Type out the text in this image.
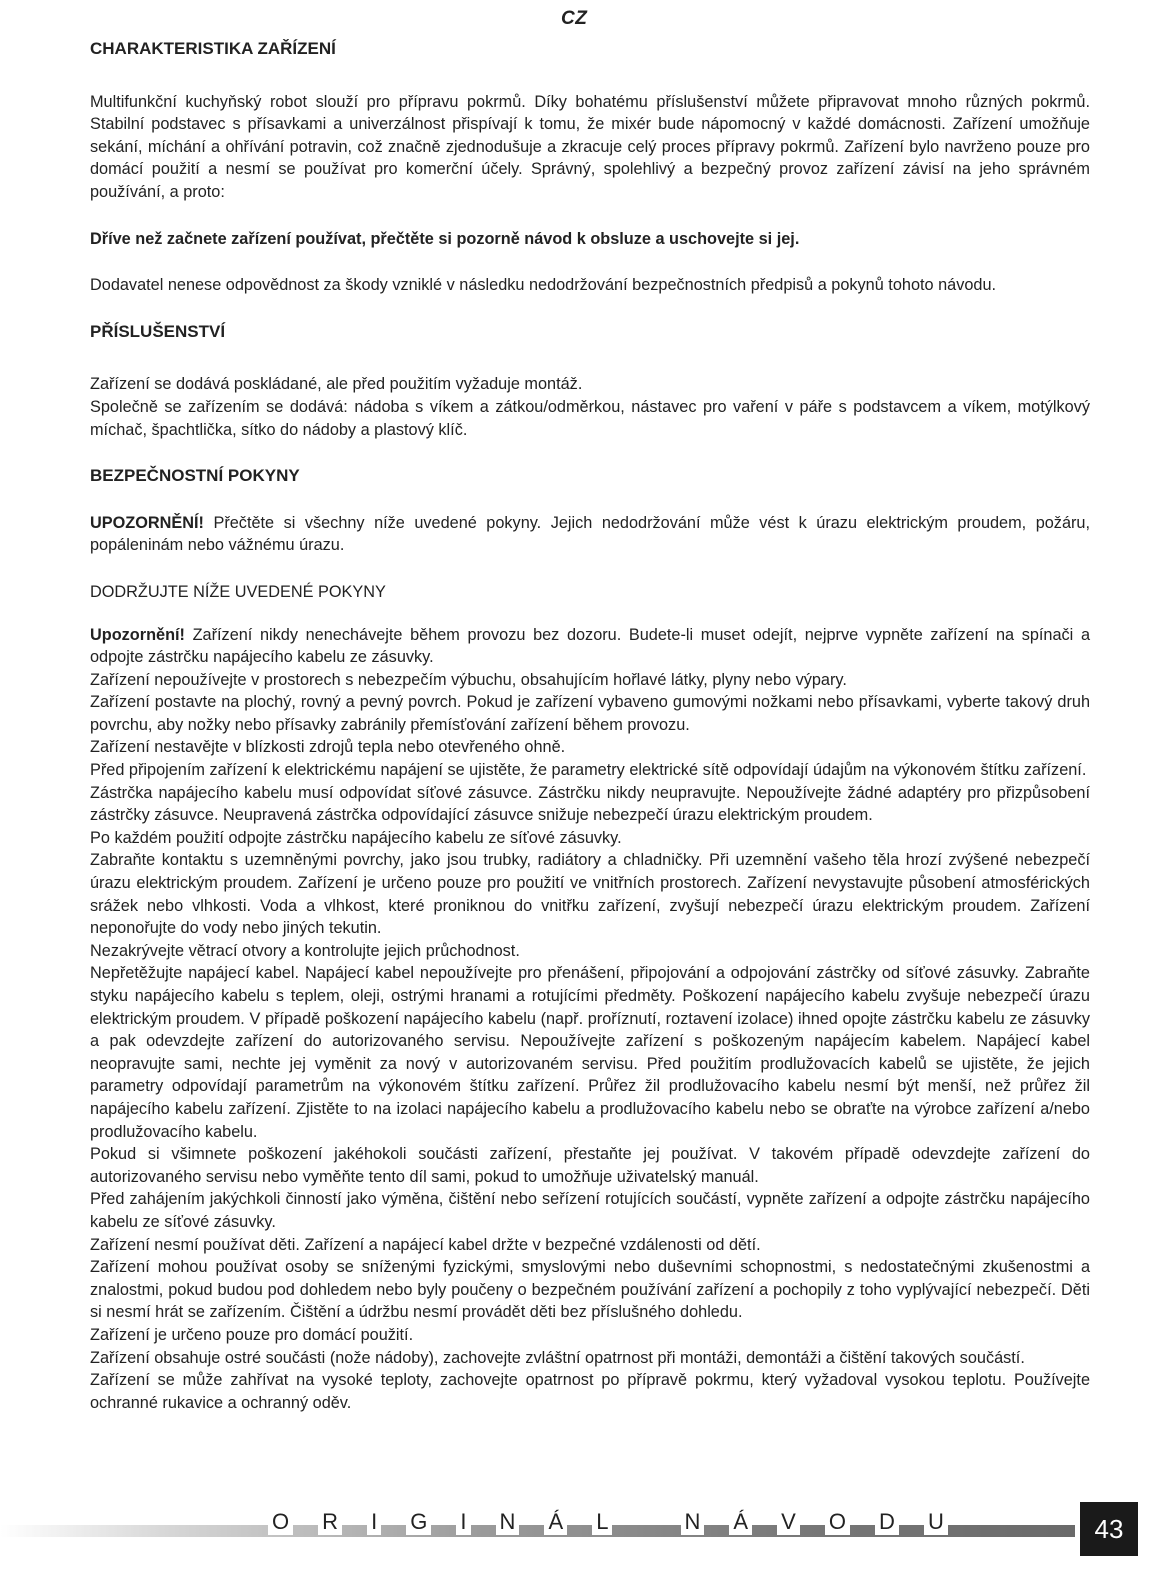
CZ

CHARAKTERISTIKA ZAŘÍZENÍ

Multifunkční kuchyňský robot slouží pro přípravu pokrmů. Díky bohatému příslušenství můžete připravovat mnoho různých pokrmů. Stabilní podstavec s přísavkami a univerzálnost přispívají k tomu, že mixér bude nápomocný v každé domácnosti. Zařízení umožňuje sekání, míchání a ohřívání potravin, což značně zjednodušuje a zkracuje celý proces přípravy pokrmů. Zařízení bylo navrženo pouze pro domácí použití a nesmí se používat pro komerční účely. Správný, spolehlivý a bezpečný provoz zařízení závisí na jeho správném používání, a proto:

Dříve než začnete zařízení používat, přečtěte si pozorně návod k obsluze a uschovejte si jej.

Dodavatel nenese odpovědnost za škody vzniklé v následku nedodržování bezpečnostních předpisů a pokynů tohoto návodu.

PŘÍSLUŠENSTVÍ

Zařízení se dodává poskládané, ale před použitím vyžaduje montáž.

Společně se zařízením se dodává: nádoba s víkem a zátkou/odměrkou, nástavec pro vaření v páře s podstavcem a víkem, motýlkový míchač, špachtlička, sítko do nádoby a plastový klíč.

BEZPEČNOSTNÍ POKYNY

UPOZORNĚNÍ! Přečtěte si všechny níže uvedené pokyny. Jejich nedodržování může vést k úrazu elektrickým proudem, požáru, popáleninám nebo vážnému úrazu.

DODRŽUJTE NÍŽE UVEDENÉ POKYNY

Upozornění! Zařízení nikdy nenechávejte během provozu bez dozoru. Budete-li muset odejít, nejprve vypněte zařízení na spínači a odpojte zástrčku napájecího kabelu ze zásuvky.

Zařízení nepoužívejte v prostorech s nebezpečím výbuchu, obsahujícím hořlavé látky, plyny nebo výpary.

Zařízení postavte na plochý, rovný a pevný povrch. Pokud je zařízení vybaveno gumovými nožkami nebo přísavkami, vyberte takový druh povrchu, aby nožky nebo přísavky zabránily přemísťování zařízení během provozu.

Zařízení nestavějte v blízkosti zdrojů tepla nebo otevřeného ohně.

Před připojením zařízení k elektrickému napájení se ujistěte, že parametry elektrické sítě odpovídají údajům na výkonovém štítku zařízení.

Zástrčka napájecího kabelu musí odpovídat síťové zásuvce. Zástrčku nikdy neupravujte. Nepoužívejte žádné adaptéry pro přizpůsobení zástrčky zásuvce. Neupravená zástrčka odpovídající zásuvce snižuje nebezpečí úrazu elektrickým proudem.

Po každém použití odpojte zástrčku napájecího kabelu ze síťové zásuvky.

Zabraňte kontaktu s uzemněnými povrchy, jako jsou trubky, radiátory a chladničky. Při uzemnění vašeho těla hrozí zvýšené nebezpečí úrazu elektrickým proudem. Zařízení je určeno pouze pro použití ve vnitřních prostorech. Zařízení nevystavujte působení atmosférických srážek nebo vlhkosti. Voda a vlhkost, které proniknou do vnitřku zařízení, zvyšují nebezpečí úrazu elektrickým proudem. Zařízení neponořujte do vody nebo jiných tekutin.

Nezakrývejte větrací otvory a kontrolujte jejich průchodnost.

Nepřetěžujte napájecí kabel. Napájecí kabel nepoužívejte pro přenášení, připojování a odpojování zástrčky od síťové zásuvky. Zabraňte styku napájecího kabelu s teplem, oleji, ostrými hranami a rotujícími předměty. Poškození napájecího kabelu zvyšuje nebezpečí úrazu elektrickým proudem. V případě poškození napájecího kabelu (např. proříznutí, roztavení izolace) ihned opojte zástrčku kabelu ze zásuvky a pak odevzdejte zařízení do autorizovaného servisu. Nepoužívejte zařízení s poškozeným napájecím kabelem. Napájecí kabel neopravujte sami, nechte jej vyměnit za nový v autorizovaném servisu. Před použitím prodlužovacích kabelů se ujistěte, že jejich parametry odpovídají parametrům na výkonovém štítku zařízení. Průřez žil prodlužovacího kabelu nesmí být menší, než průřez žil napájecího kabelu zařízení. Zjistěte to na izolaci napájecího kabelu a prodlužovacího kabelu nebo se obraťte na výrobce zařízení a/nebo prodlužovacího kabelu.

Pokud si všimnete poškození jakéhokoli součásti zařízení, přestaňte jej používat. V takovém případě odevzdejte zařízení do autorizovaného servisu nebo vyměňte tento díl sami, pokud to umožňuje uživatelský manuál.

Před zahájením jakýchkoli činností jako výměna, čištění nebo seřízení rotujících součástí, vypněte zařízení a odpojte zástrčku napájecího kabelu ze síťové zásuvky.

Zařízení nesmí používat děti. Zařízení a napájecí kabel držte v bezpečné vzdálenosti od dětí.

Zařízení mohou používat osoby se sníženými fyzickými, smyslovými nebo duševními schopnostmi, s nedostatečnými zkušenostmi a znalostmi, pokud budou pod dohledem nebo byly poučeny o bezpečném používání zařízení a pochopily z toho vyplývající nebezpečí. Děti si nesmí hrát se zařízením. Čištění a údržbu nesmí provádět děti bez příslušného dohledu.

Zařízení je určeno pouze pro domácí použití.

Zařízení obsahuje ostré součásti (nože nádoby), zachovejte zvláštní opatrnost při montáži, demontáži a čištění takových součástí.

Zařízení se může zahřívat na vysoké teploty, zachovejte opatrnost po přípravě pokrmu, který vyžadoval vysokou teplotu. Používejte ochranné rukavice a ochranný oděv.

O R I G I N Á L	N Á V O D U	43
